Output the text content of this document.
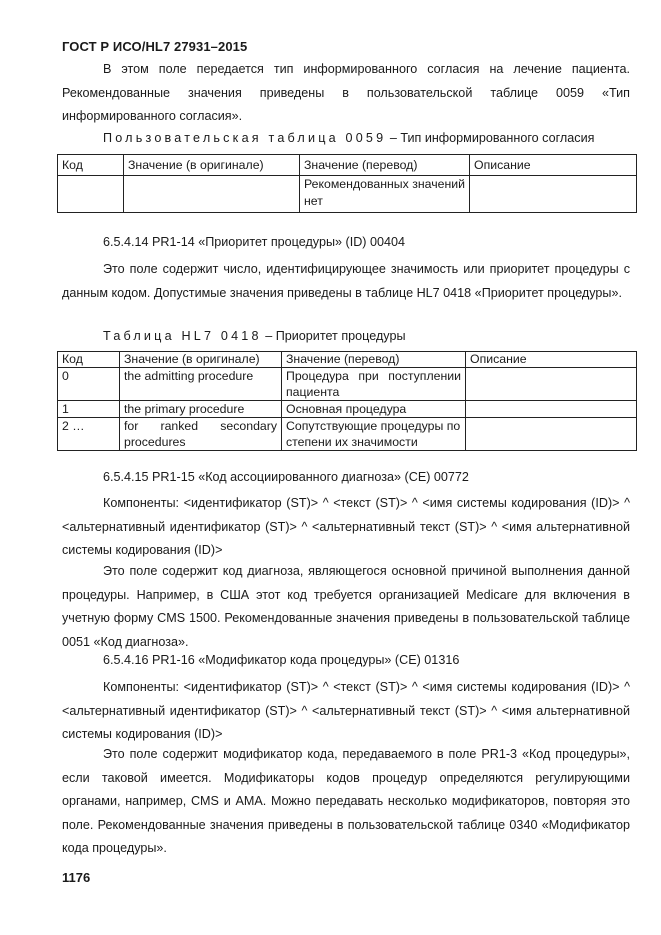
ГОСТ Р ИСО/HL7 27931–2015

В этом поле передается тип информированного согласия на лечение пациента. Рекомендованные значения приведены в пользовательской таблице 0059 «Тип информированного согласия».

Пользовательская таблица 0059 – Тип информированного согласия
Код	Значение (в оригинале)	Значение (перевод)	Описание
		Рекомендованных значений нет	

6.5.4.14 PR1-14 «Приоритет процедуры» (ID) 00404

Это поле содержит число, идентифицирующее значимость или приоритет процедуры с данным кодом. Допустимые значения приведены в таблице HL7 0418 «Приоритет процедуры».

Таблица HL7 0418 – Приоритет процедуры
Код	Значение (в оригинале)	Значение (перевод)	Описание
0	the admitting procedure	Процедура при поступлении пациента	
1	the primary procedure	Основная процедура	
2 …	for ranked secondary procedures	Сопутствующие процедуры по степени их значимости	

6.5.4.15 PR1-15 «Код ассоциированного диагноза» (CE) 00772

Компоненты: <идентификатор (ST)> ^ <текст (ST)> ^ <имя системы кодирования (ID)> ^ <альтернативный идентификатор (ST)> ^ <альтернативный текст (ST)> ^ <имя альтернативной системы кодирования (ID)>

Это поле содержит код диагноза, являющегося основной причиной выполнения данной процедуры. Например, в США этот код требуется организацией Medicare для включения в учетную форму CMS 1500. Рекомендованные значения приведены в пользовательской таблице 0051 «Код диагноза».

6.5.4.16 PR1-16 «Модификатор кода процедуры» (CE) 01316

Компоненты: <идентификатор (ST)> ^ <текст (ST)> ^ <имя системы кодирования (ID)> ^ <альтернативный идентификатор (ST)> ^ <альтернативный текст (ST)> ^ <имя альтернативной системы кодирования (ID)>

Это поле содержит модификатор кода, передаваемого в поле PR1-3 «Код процедуры», если таковой имеется. Модификаторы кодов процедур определяются регулирующими органами, например, CMS и AMA. Можно передавать несколько модификаторов, повторяя это поле. Рекомендованные значения приведены в пользовательской таблице 0340 «Модификатор кода процедуры».

1176
